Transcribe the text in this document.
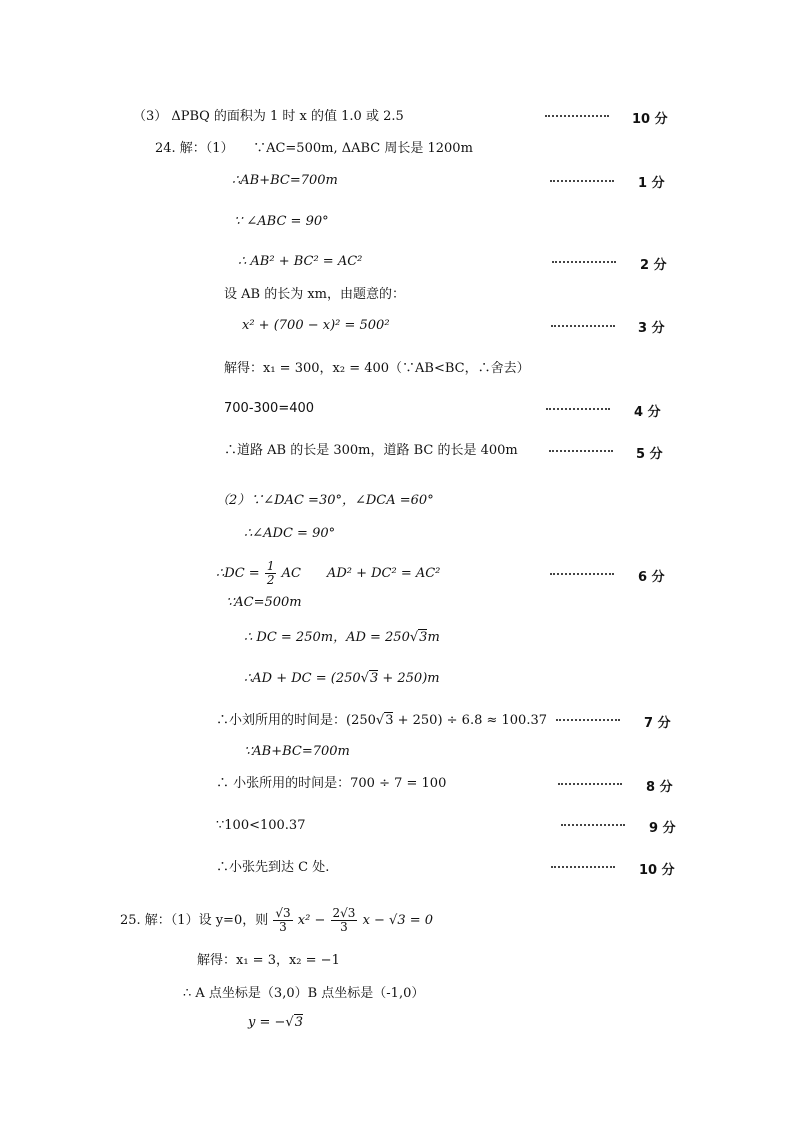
（3） ΔPBQ 的面积为 1 时 x 的值 1.0 或 2.5	10 分
24. 解：（1）　　∵AC=500m, ΔABC 周长是 1200m
∴AB+BC=700m	1 分
∵ ∠ABC = 90°
∴ AB² + BC² = AC²	2 分
设 AB 的长为 xm，由题意的：
x² + (700 − x)² = 500²	3 分
解得：x₁ = 300，x₂ = 400（∵AB<BC，∴舍去）
700-300=400	4 分
∴道路 AB 的长是 300m，道路 BC 的长是 400m	5 分
（2）∵∠DAC =30°，∠DCA =60°
∴∠ADC = 90°
∴DC = $\frac{1}{2}$ AC　　AD² + DC² = AC²	6 分
∵AC=500m
∴ DC = 250m，AD = 250√3m
∴AD + DC = (250√3 + 250)m
∴小刘所用的时间是：(250√3 + 250) ÷ 6.8 ≈ 100.37	7 分
∵AB+BC=700m
∴ 小张所用的时间是：700 ÷ 7 = 100	8 分
∵100<100.37	9 分
∴小张先到达 C 处.	10 分
25. 解：（1）设 y=0，则 $\frac{√3}{3} x^2 - \frac{2√3}{3}$ x − √3 = 0
解得：x₁ = 3，x₂ = −1
∴ A 点坐标是（3,0）B 点坐标是（-1,0）
y = −√3
